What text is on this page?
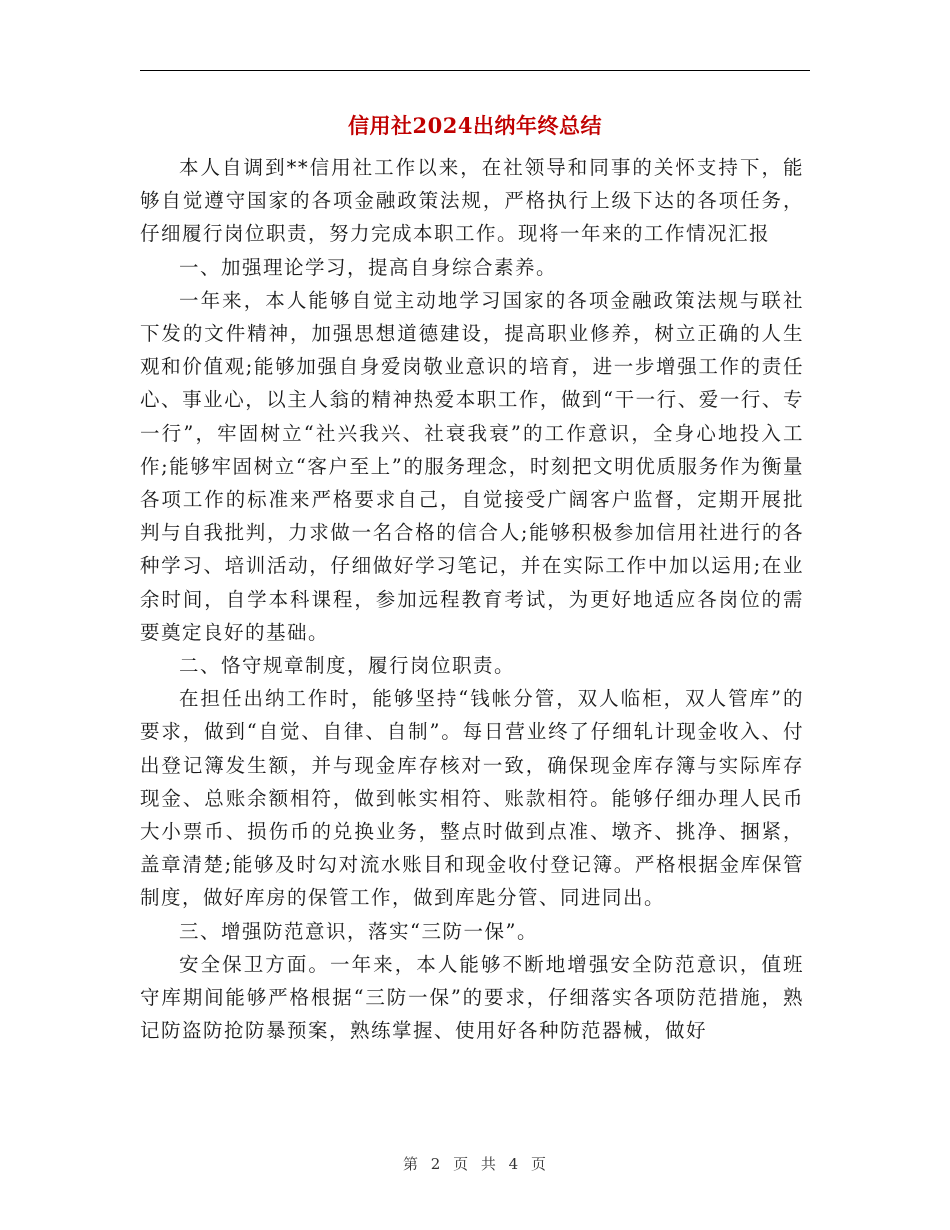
信用社2024出纳年终总结

本人自调到**信用社工作以来，在社领导和同事的关怀支持下，能够自觉遵守国家的各项金融政策法规，严格执行上级下达的各项任务，仔细履行岗位职责，努力完成本职工作。现将一年来的工作情况汇报

一、加强理论学习，提高自身综合素养。

一年来，本人能够自觉主动地学习国家的各项金融政策法规与联社下发的文件精神，加强思想道德建设，提高职业修养，树立正确的人生观和价值观;能够加强自身爱岗敬业意识的培育，进一步增强工作的责任心、事业心，以主人翁的精神热爱本职工作，做到“干一行、爱一行、专一行”，牢固树立“社兴我兴、社衰我衰”的工作意识，全身心地投入工作;能够牢固树立“客户至上”的服务理念，时刻把文明优质服务作为衡量各项工作的标准来严格要求自己，自觉接受广阔客户监督，定期开展批判与自我批判，力求做一名合格的信合人;能够积极参加信用社进行的各种学习、培训活动，仔细做好学习笔记，并在实际工作中加以运用;在业余时间，自学本科课程，参加远程教育考试，为更好地适应各岗位的需要奠定良好的基础。

二、恪守规章制度，履行岗位职责。

在担任出纳工作时，能够坚持“钱帐分管，双人临柜，双人管库”的要求，做到“自觉、自律、自制”。每日营业终了仔细轧计现金收入、付出登记簿发生额，并与现金库存核对一致，确保现金库存簿与实际库存现金、总账余额相符，做到帐实相符、账款相符。能够仔细办理人民币大小票币、损伤币的兑换业务，整点时做到点准、墩齐、挑净、捆紧，盖章清楚;能够及时勾对流水账目和现金收付登记簿。严格根据金库保管制度，做好库房的保管工作，做到库匙分管、同进同出。

三、增强防范意识，落实“三防一保”。

安全保卫方面。一年来，本人能够不断地增强安全防范意识，值班守库期间能够严格根据“三防一保”的要求，仔细落实各项防范措施，熟记防盗防抢防暴预案，熟练掌握、使用好各种防范器械，做好

第 2 页 共 4 页
